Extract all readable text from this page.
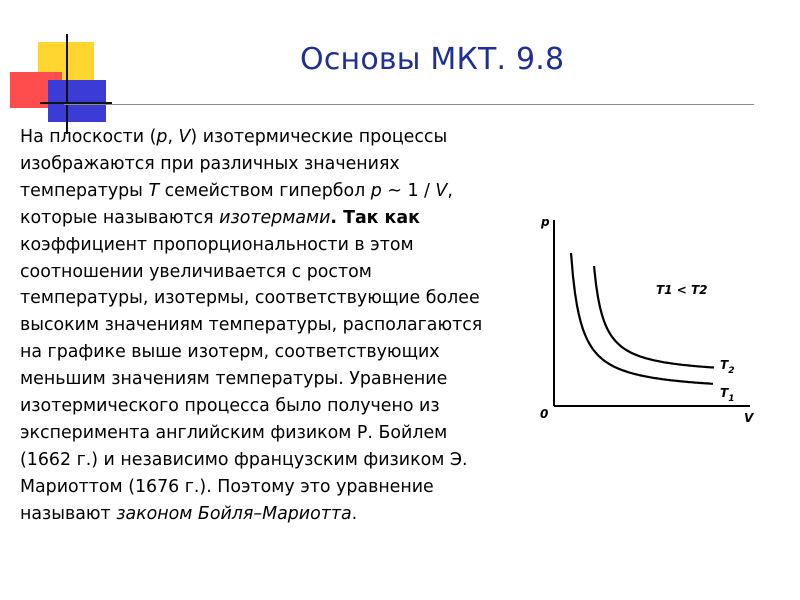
Основы МКТ. 9.8
На плоскости (p, V) изотермические процессы
изображаются при различных значениях
температуры T семейством гипербол p ~ 1 / V,
которые называются изотермами. Так как
коэффициент пропорциональности в этом
соотношении увеличивается с ростом
температуры, изотермы, соответствующие более
высоким значениям температуры, располагаются
на графике выше изотерм, соответствующих
меньшим значениям температуры. Уравнение
изотермического процесса было получено из
эксперимента английским физиком Р. Бойлем
(1662 г.) и независимо французским физиком Э.
Мариоттом (1676 г.). Поэтому это уравнение
называют законом Бойля–Мариотта.
$T_2$
$T_1$
p
V
0
T1 < T2
